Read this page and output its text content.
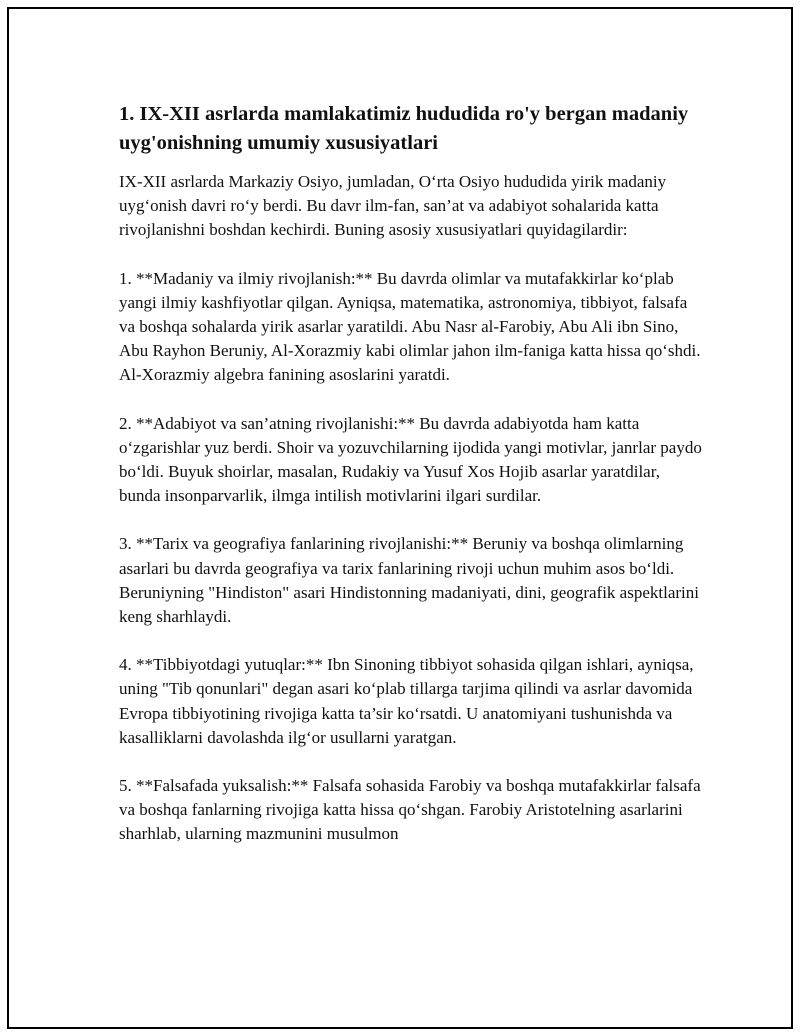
1. IX-XII asrlarda mamlakatimiz hududida ro'y bergan madaniy uyg'onishning umumiy xususiyatlari

IX-XII asrlarda Markaziy Osiyo, jumladan, Oʻrta Osiyo hududida yirik madaniy uygʻonish davri roʻy berdi. Bu davr ilm-fan, san’at va adabiyot sohalarida katta rivojlanishni boshdan kechirdi. Buning asosiy xususiyatlari quyidagilardir:

1. **Madaniy va ilmiy rivojlanish:** Bu davrda olimlar va mutafakkirlar koʻplab yangi ilmiy kashfiyotlar qilgan. Ayniqsa, matematika, astronomiya, tibbiyot, falsafa va boshqa sohalarda yirik asarlar yaratildi. Abu Nasr al-Farobiy, Abu Ali ibn Sino, Abu Rayhon Beruniy, Al-Xorazmiy kabi olimlar jahon ilm-faniga katta hissa qoʻshdi. Al-Xorazmiy algebra fanining asoslarini yaratdi.

2. **Adabiyot va san’atning rivojlanishi:** Bu davrda adabiyotda ham katta oʻzgarishlar yuz berdi. Shoir va yozuvchilarning ijodida yangi motivlar, janrlar paydo boʻldi. Buyuk shoirlar, masalan, Rudakiy va Yusuf Xos Hojib asarlar yaratdilar, bunda insonparvarlik, ilmga intilish motivlarini ilgari surdilar.

3. **Tarix va geografiya fanlarining rivojlanishi:** Beruniy va boshqa olimlarning asarlari bu davrda geografiya va tarix fanlarining rivoji uchun muhim asos boʻldi. Beruniyning "Hindiston" asari Hindistonning madaniyati, dini, geografik aspektlarini keng sharhlaydi.

4. **Tibbiyotdagi yutuqlar:** Ibn Sinoning tibbiyot sohasida qilgan ishlari, ayniqsa, uning "Tib qonunlari" degan asari koʻplab tillarga tarjima qilindi va asrlar davomida Evropa tibbiyotining rivojiga katta ta’sir koʻrsatdi. U anatomiyani tushunishda va kasalliklarni davolashda ilgʻor usullarni yaratgan.

5. **Falsafada yuksalish:** Falsafa sohasida Farobiy va boshqa mutafakkirlar falsafa va boshqa fanlarning rivojiga katta hissa qoʻshgan. Farobiy Aristotelning asarlarini sharhlab, ularning mazmunini musulmon
